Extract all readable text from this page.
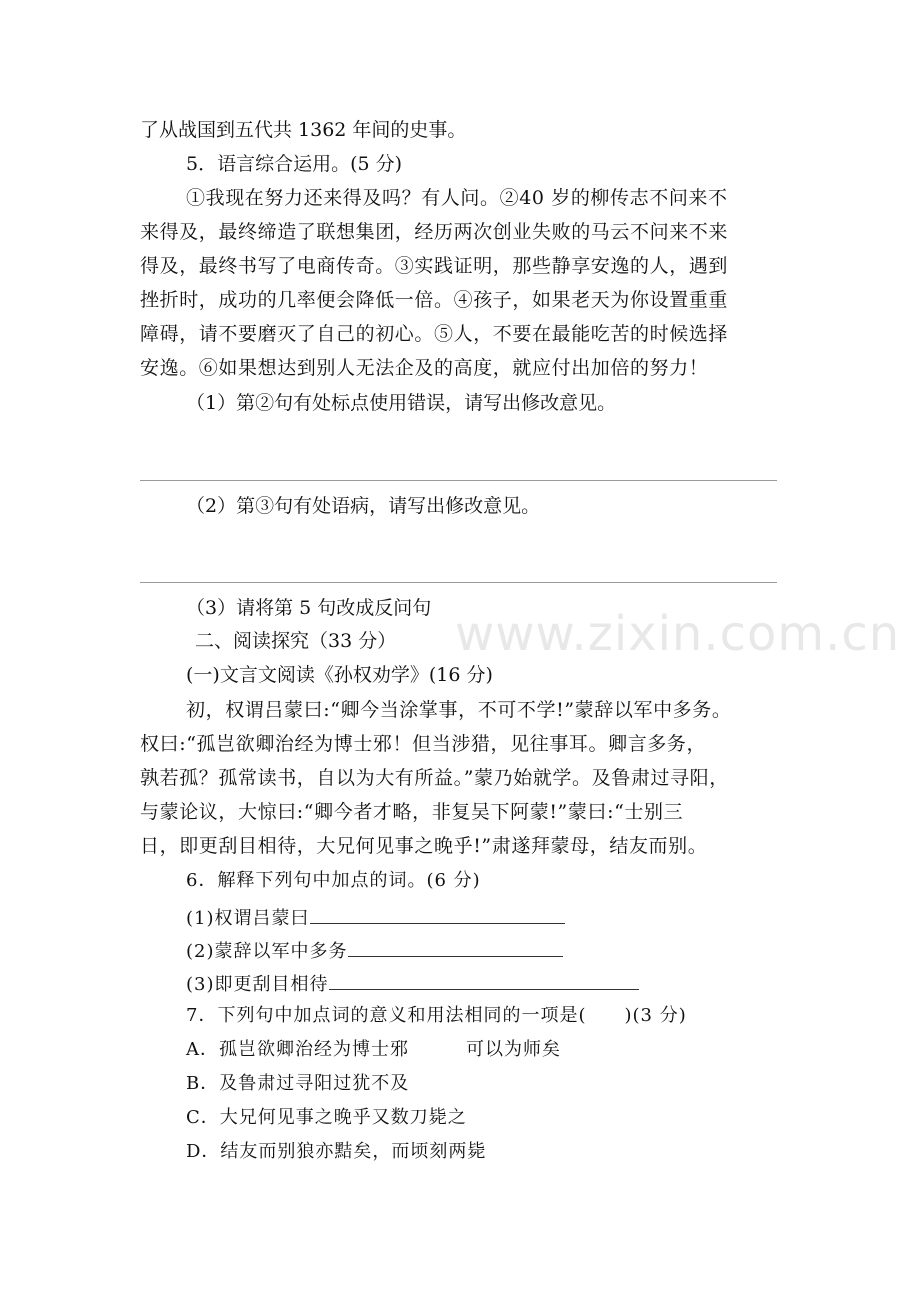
了从战国到五代共 1362 年间的史事。
5．语言综合运用。(5 分)
①我现在努力还来得及吗？有人问。②40 岁的柳传志不问来不
来得及，最终缔造了联想集团，经历两次创业失败的马云不问来不来
得及，最终书写了电商传奇。③实践证明，那些静享安逸的人，遇到
挫折时，成功的几率便会降低一倍。④孩子，如果老天为你设置重重
障碍，请不要磨灭了自己的初心。⑤人，不要在最能吃苦的时候选择
安逸。⑥如果想达到别人无法企及的高度，就应付出加倍的努力！
（1）第②句有处标点使用错误，请写出修改意见。
（2）第③句有处语病，请写出修改意见。
（3）请将第 5 句改成反问句
二、阅读探究（33 分）
(一)文言文阅读《孙权劝学》(16 分)
初，权谓吕蒙曰:“卿今当涂掌事，不可不学!”蒙辞以军中多务。
权曰:“孤岂欲卿治经为博士邪！但当涉猎，见往事耳。卿言多务，
孰若孤？孤常读书，自以为大有所益。”蒙乃始就学。及鲁肃过寻阳，
与蒙论议，大惊曰:“卿今者才略，非复吴下阿蒙!”蒙曰:“士别三
日，即更刮目相待，大兄何见事之晚乎!”肃遂拜蒙母，结友而别。
6．解释下列句中加点的词。(6 分)
(1)权谓吕蒙曰
(2)蒙辞以军中多务
(3)即更刮目相待
7．下列句中加点词的意义和用法相同的一项是(　　)(3 分)
A．孤岂欲卿治经为博士邪　　　可以为师矣
B．及鲁肃过寻阳过犹不及
C．大兄何见事之晚乎又数刀毙之
D．结友而别狼亦黠矣，而顷刻两毙
www.zixin.com.cn
